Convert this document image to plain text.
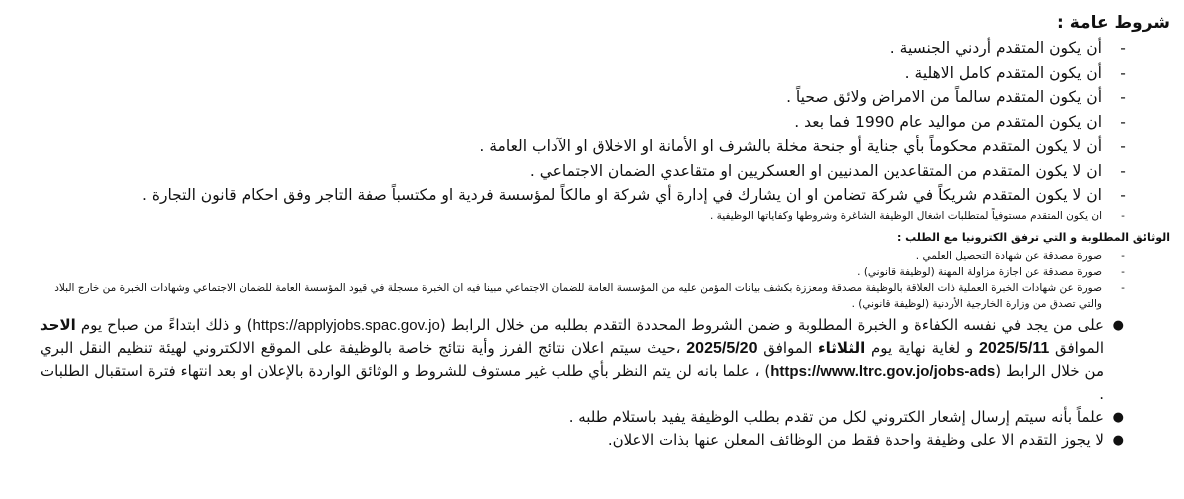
شروط عامة :
-
أن يكون المتقدم أردني الجنسية .
-
أن يكون المتقدم كامل الاهلية .
-
أن يكون المتقدم سالماً من الامراض ولائق صحياً .
-
ان يكون المتقدم من مواليد عام 1990 فما بعد .
-
أن لا يكون المتقدم محكوماً بأي جناية أو جنحة مخلة بالشرف او الأمانة او الاخلاق او الآداب العامة .
-
ان لا يكون المتقدم من المتقاعدين المدنيين او العسكريين او متقاعدي الضمان الاجتماعي .
-
ان لا يكون المتقدم شريكاً في شركة تضامن او ان يشارك في إدارة أي شركة او مالكاً لمؤسسة فردية او مكتسباً صفة التاجر وفق احكام قانون التجارة .
-
ان يكون المتقدم مستوفياً لمتطلبات اشغال الوظيفة الشاغرة وشروطها وكفاياتها الوظيفية .
الوثائق المطلوبة و التي ترفق الكترونيا مع الطلب :
-
صورة مصدقة عن شهادة التحصيل العلمي .
-
صورة مصدقة عن اجازة مزاولة المهنة (لوظيفة قانوني) .
-
صورة عن شهادات الخبرة العملية ذات العلاقة بالوظيفة مصدقة ومعززة بكشف بيانات المؤمن عليه من المؤسسة العامة للضمان الاجتماعي مبينا فيه ان الخبرة مسجلة في قيود المؤسسة العامة للضمان الاجتماعي وشهادات الخبرة من خارج البلاد والتي تصدق من وزارة الخارجية الأردنية (لوظيفة قانوني) .
●
على من يجد في نفسه الكفاءة و الخبرة المطلوبة و ضمن الشروط المحددة التقدم بطلبه من خلال الرابط (https://applyjobs.spac.gov.jo) و ذلك ابتداءً من صباح يوم الاحد الموافق 2025/5/11 و لغاية نهاية يوم الثلاثاء الموافق 2025/5/20 ،حيث سيتم اعلان نتائج الفرز وأية نتائج خاصة بالوظيفة على الموقع الالكتروني لهيئة تنظيم النقل البري من خلال الرابط (https://www.ltrc.gov.jo/jobs-ads) ، علما بانه لن يتم النظر بأي طلب غير مستوف للشروط و الوثائق الواردة بالإعلان او بعد انتهاء فترة استقبال الطلبات .
●
علماً بأنه سيتم إرسال إشعار الكتروني لكل من تقدم بطلب الوظيفة يفيد باستلام طلبه .
●
لا يجوز التقدم الا على وظيفة واحدة فقط من الوظائف المعلن عنها بذات الاعلان.
